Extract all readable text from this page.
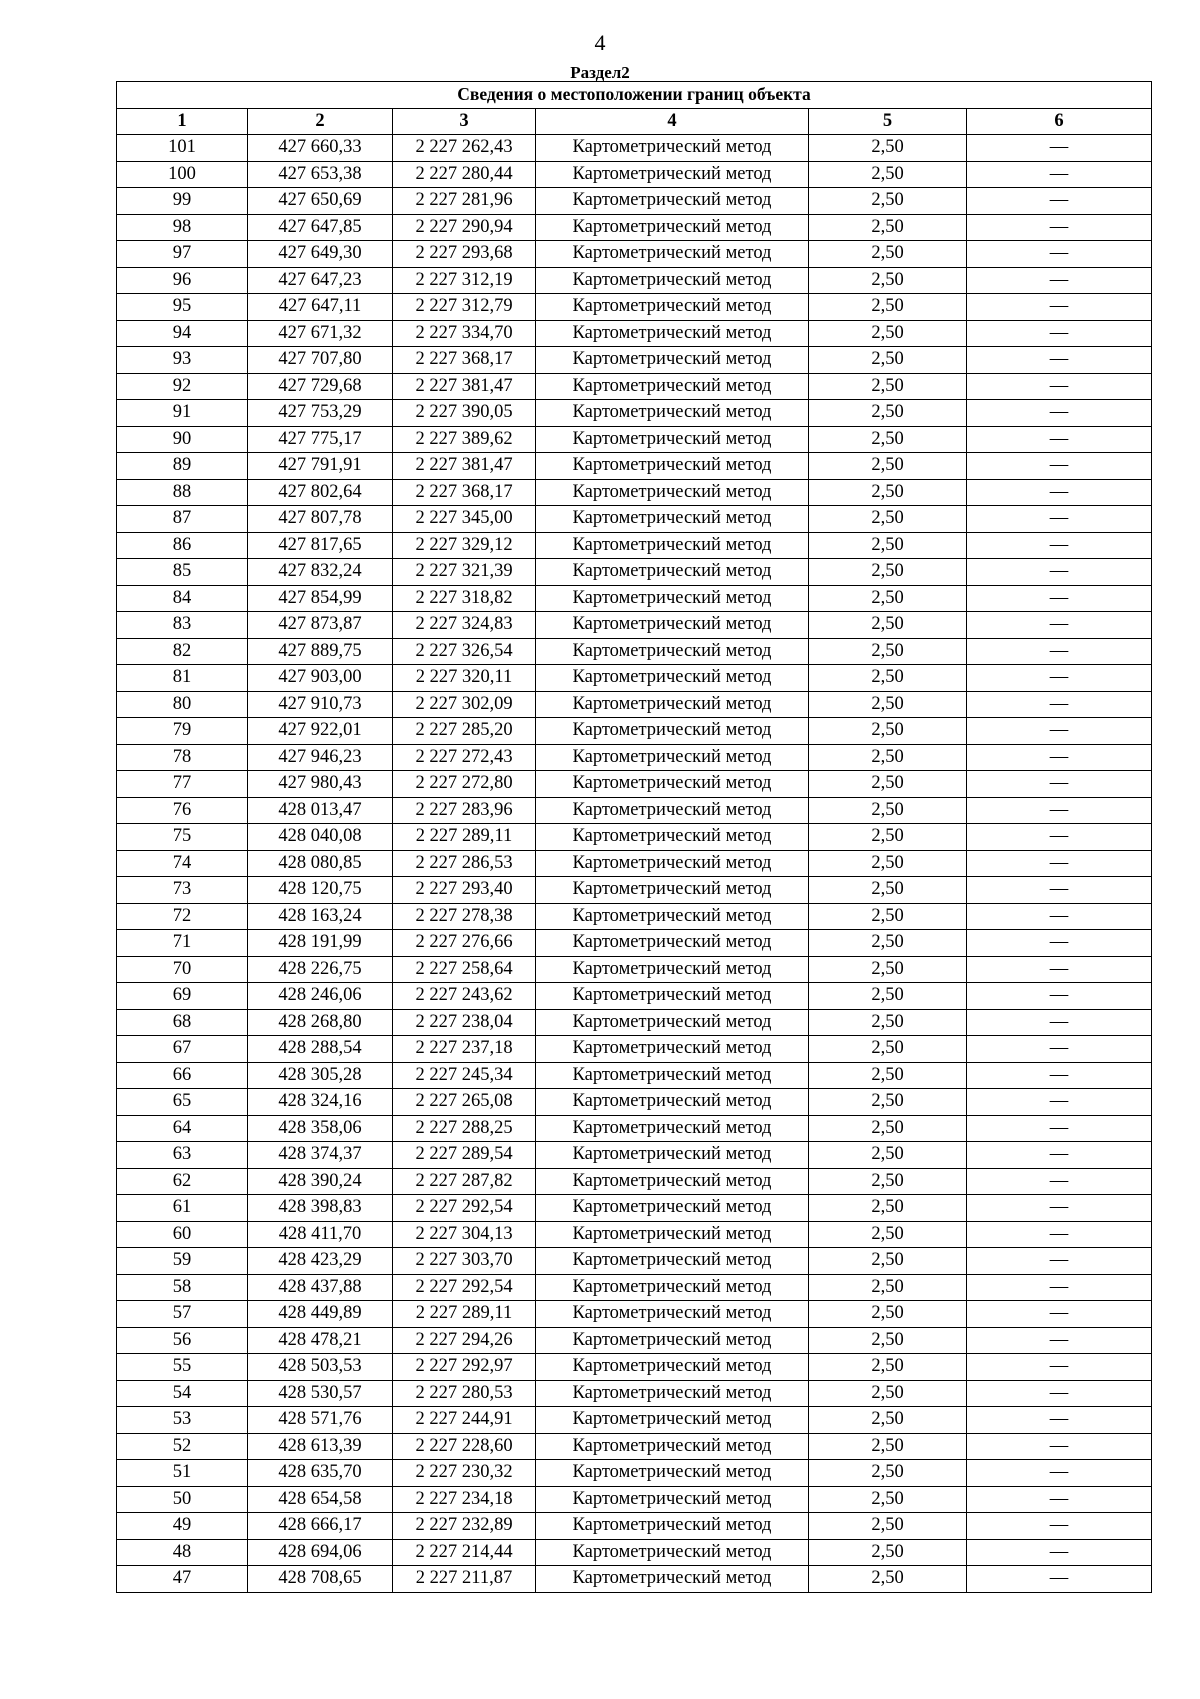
4
Раздел2
Сведения о местоположении границ объекта					
1	2	3	4	5	6
101	427 660,33	2 227 262,43	Картометрический метод	2,50	—
100	427 653,38	2 227 280,44	Картометрический метод	2,50	—
99	427 650,69	2 227 281,96	Картометрический метод	2,50	—
98	427 647,85	2 227 290,94	Картометрический метод	2,50	—
97	427 649,30	2 227 293,68	Картометрический метод	2,50	—
96	427 647,23	2 227 312,19	Картометрический метод	2,50	—
95	427 647,11	2 227 312,79	Картометрический метод	2,50	—
94	427 671,32	2 227 334,70	Картометрический метод	2,50	—
93	427 707,80	2 227 368,17	Картометрический метод	2,50	—
92	427 729,68	2 227 381,47	Картометрический метод	2,50	—
91	427 753,29	2 227 390,05	Картометрический метод	2,50	—
90	427 775,17	2 227 389,62	Картометрический метод	2,50	—
89	427 791,91	2 227 381,47	Картометрический метод	2,50	—
88	427 802,64	2 227 368,17	Картометрический метод	2,50	—
87	427 807,78	2 227 345,00	Картометрический метод	2,50	—
86	427 817,65	2 227 329,12	Картометрический метод	2,50	—
85	427 832,24	2 227 321,39	Картометрический метод	2,50	—
84	427 854,99	2 227 318,82	Картометрический метод	2,50	—
83	427 873,87	2 227 324,83	Картометрический метод	2,50	—
82	427 889,75	2 227 326,54	Картометрический метод	2,50	—
81	427 903,00	2 227 320,11	Картометрический метод	2,50	—
80	427 910,73	2 227 302,09	Картометрический метод	2,50	—
79	427 922,01	2 227 285,20	Картометрический метод	2,50	—
78	427 946,23	2 227 272,43	Картометрический метод	2,50	—
77	427 980,43	2 227 272,80	Картометрический метод	2,50	—
76	428 013,47	2 227 283,96	Картометрический метод	2,50	—
75	428 040,08	2 227 289,11	Картометрический метод	2,50	—
74	428 080,85	2 227 286,53	Картометрический метод	2,50	—
73	428 120,75	2 227 293,40	Картометрический метод	2,50	—
72	428 163,24	2 227 278,38	Картометрический метод	2,50	—
71	428 191,99	2 227 276,66	Картометрический метод	2,50	—
70	428 226,75	2 227 258,64	Картометрический метод	2,50	—
69	428 246,06	2 227 243,62	Картометрический метод	2,50	—
68	428 268,80	2 227 238,04	Картометрический метод	2,50	—
67	428 288,54	2 227 237,18	Картометрический метод	2,50	—
66	428 305,28	2 227 245,34	Картометрический метод	2,50	—
65	428 324,16	2 227 265,08	Картометрический метод	2,50	—
64	428 358,06	2 227 288,25	Картометрический метод	2,50	—
63	428 374,37	2 227 289,54	Картометрический метод	2,50	—
62	428 390,24	2 227 287,82	Картометрический метод	2,50	—
61	428 398,83	2 227 292,54	Картометрический метод	2,50	—
60	428 411,70	2 227 304,13	Картометрический метод	2,50	—
59	428 423,29	2 227 303,70	Картометрический метод	2,50	—
58	428 437,88	2 227 292,54	Картометрический метод	2,50	—
57	428 449,89	2 227 289,11	Картометрический метод	2,50	—
56	428 478,21	2 227 294,26	Картометрический метод	2,50	—
55	428 503,53	2 227 292,97	Картометрический метод	2,50	—
54	428 530,57	2 227 280,53	Картометрический метод	2,50	—
53	428 571,76	2 227 244,91	Картометрический метод	2,50	—
52	428 613,39	2 227 228,60	Картометрический метод	2,50	—
51	428 635,70	2 227 230,32	Картометрический метод	2,50	—
50	428 654,58	2 227 234,18	Картометрический метод	2,50	—
49	428 666,17	2 227 232,89	Картометрический метод	2,50	—
48	428 694,06	2 227 214,44	Картометрический метод	2,50	—
47	428 708,65	2 227 211,87	Картометрический метод	2,50	—
